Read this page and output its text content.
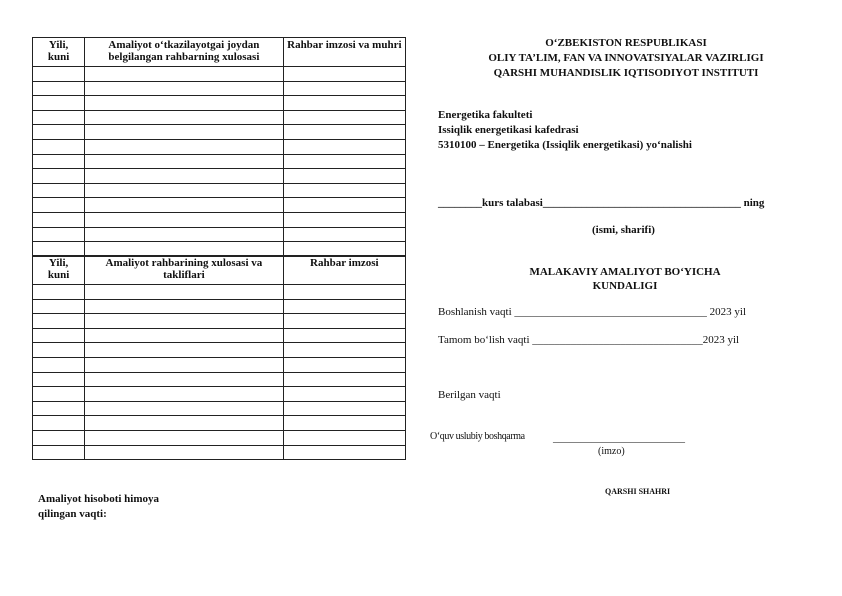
Yili,
kuni	Amaliyot o‘tkazilayotgai joydan belgilangan rahbarning xulosasi	Rahbar imzosi va muhri

Yili,
kuni	Amaliyot rahbarining xulosasi va takliflari	Rahbar imzosi

Amaliyot hisoboti himoya
qilingan vaqti:
O‘ZBEKISTON RESPUBLIKASI
OLIY TA’LIM, FAN VA INNOVATSIYALAR VAZIRLIGI
QARSHI MUHANDISLIK IQTISODIYOT INSTITUTI
Energetika fakulteti
Issiqlik energetikasi kafedrasi
5310100 – Energetika (Issiqlik energetikasi) yo‘nalishi
________kurs talabasi____________________________________ ning
(ismi, sharifi)
MALAKAVIY AMALIYOT BO‘YICHA
KUNDALIGI
Boshlanish vaqti ___________________________________ 2023 yil
Tamom bo‘lish vaqti _______________________________2023 yil
Berilgan vaqti
O‘quv uslubiy boshqarma	________________________
(imzo)
QARSHI SHAHRI
